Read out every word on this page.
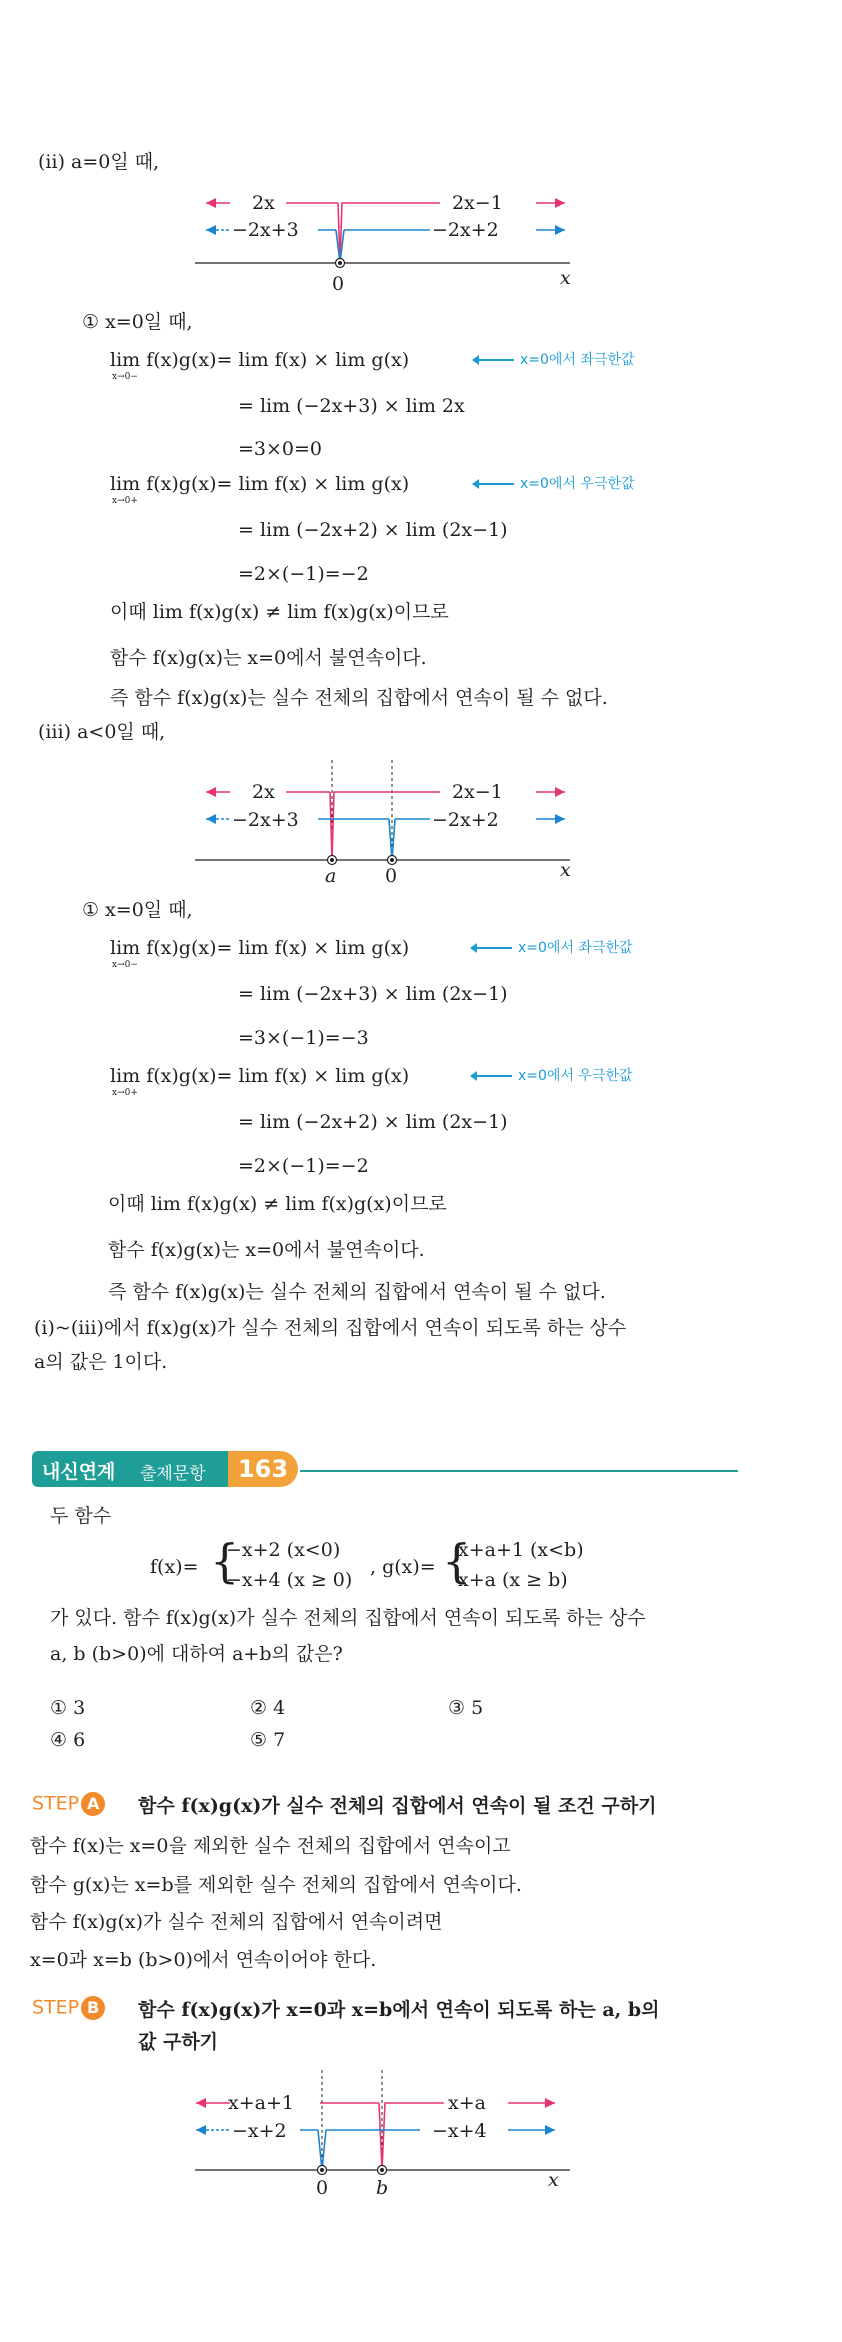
(ⅱ) a=0일 때,
2x	2x−1
−2x+3	−2x+2
0	x
① x=0일 때,
lim f(x)g(x)= lim f(x) × lim g(x)
x→0−
x=0에서 좌극한값
= lim (−2x+3) × lim 2x
=3×0=0
lim f(x)g(x)= lim f(x) × lim g(x)
x→0+
x=0에서 우극한값
= lim (−2x+2) × lim (2x−1)
=2×(−1)=−2
이때 lim f(x)g(x) ≠ lim f(x)g(x)이므로
함수 f(x)g(x)는 x=0에서 불연속이다.
즉 함수 f(x)g(x)는 실수 전체의 집합에서 연속이 될 수 없다.
(ⅲ) a<0일 때,
2x	2x−1
−2x+3	−2x+2
a	0	x
① x=0일 때,
lim f(x)g(x)= lim f(x) × lim g(x)
x→0−
x=0에서 좌극한값
= lim (−2x+3) × lim (2x−1)
=3×(−1)=−3
lim f(x)g(x)= lim f(x) × lim g(x)
x→0+
x=0에서 우극한값
= lim (−2x+2) × lim (2x−1)
=2×(−1)=−2
이때 lim f(x)g(x) ≠ lim f(x)g(x)이므로
함수 f(x)g(x)는 x=0에서 불연속이다.
즉 함수 f(x)g(x)는 실수 전체의 집합에서 연속이 될 수 없다.
(ⅰ)~(ⅲ)에서 f(x)g(x)가 실수 전체의 집합에서 연속이 되도록 하는 상수
a의 값은 1이다.
내신연계 출제문항	163
두 함수
f(x)= {
−x+2 (x<0)
−x+4 (x ≥ 0)
, g(x)= {
x+a+1 (x<b)
x+a (x ≥ b)
가 있다. 함수 f(x)g(x)가 실수 전체의 집합에서 연속이 되도록 하는 상수
a, b (b>0)에 대하여 a+b의 값은?
① 3	② 4	③ 5
④ 6	⑤ 7
STEP A	함수 f(x)g(x)가 실수 전체의 집합에서 연속이 될 조건 구하기
함수 f(x)는 x=0을 제외한 실수 전체의 집합에서 연속이고
함수 g(x)는 x=b를 제외한 실수 전체의 집합에서 연속이다.
함수 f(x)g(x)가 실수 전체의 집합에서 연속이려면
x=0과 x=b (b>0)에서 연속이어야 한다.
STEP B	함수 f(x)g(x)가 x=0과 x=b에서 연속이 되도록 하는 a, b의
값 구하기
x+a+1	x+a
−x+2	−x+4
0	b	x
